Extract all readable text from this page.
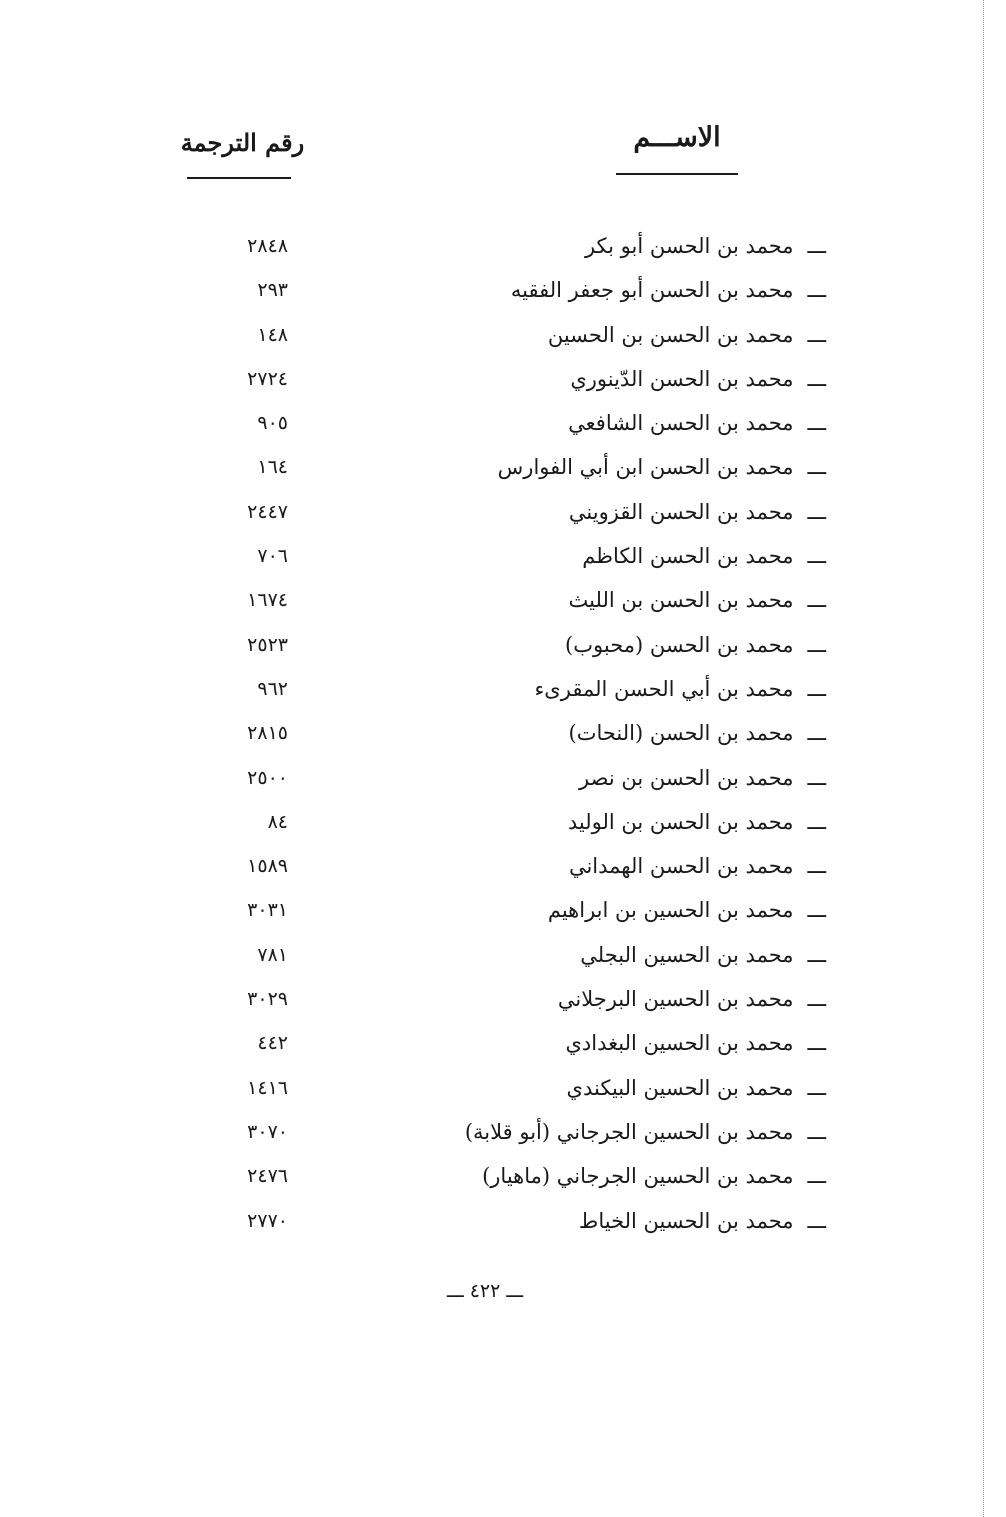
الاســـم
رقم الترجمة
ـــمحمد بن الحسن أبو بكر
٢٨٤٨
ـــمحمد بن الحسن أبو جعفر الفقيه
٢٩٣
ـــمحمد بن الحسن بن الحسين
١٤٨
ـــمحمد بن الحسن الدّينوري
٢٧٢٤
ـــمحمد بن الحسن الشافعي
٩٠٥
ـــمحمد بن الحسن ابن أبي الفوارس
١٦٤
ـــمحمد بن الحسن القزويني
٢٤٤٧
ـــمحمد بن الحسن الكاظم
٧٠٦
ـــمحمد بن الحسن بن الليث
١٦٧٤
ـــمحمد بن الحسن (محبوب)
٢٥٢٣
ـــمحمد بن أبي الحسن المقرىء
٩٦٢
ـــمحمد بن الحسن (النحات)
٢٨١٥
ـــمحمد بن الحسن بن نصر
٢٥٠٠
ـــمحمد بن الحسن بن الوليد
٨٤
ـــمحمد بن الحسن الهمداني
١٥٨٩
ـــمحمد بن الحسين بن ابراهيم
٣٠٣١
ـــمحمد بن الحسين البجلي
٧٨١
ـــمحمد بن الحسين البرجلاني
٣٠٢٩
ـــمحمد بن الحسين البغدادي
٤٤٢
ـــمحمد بن الحسين البيكندي
١٤١٦
ـــمحمد بن الحسين الجرجاني (أبو قلابة)
٣٠٧٠
ـــمحمد بن الحسين الجرجاني (ماهيار)
٢٤٧٦
ـــمحمد بن الحسين الخياط
٢٧٧٠
ـــ ٤٢٢ ـــ
